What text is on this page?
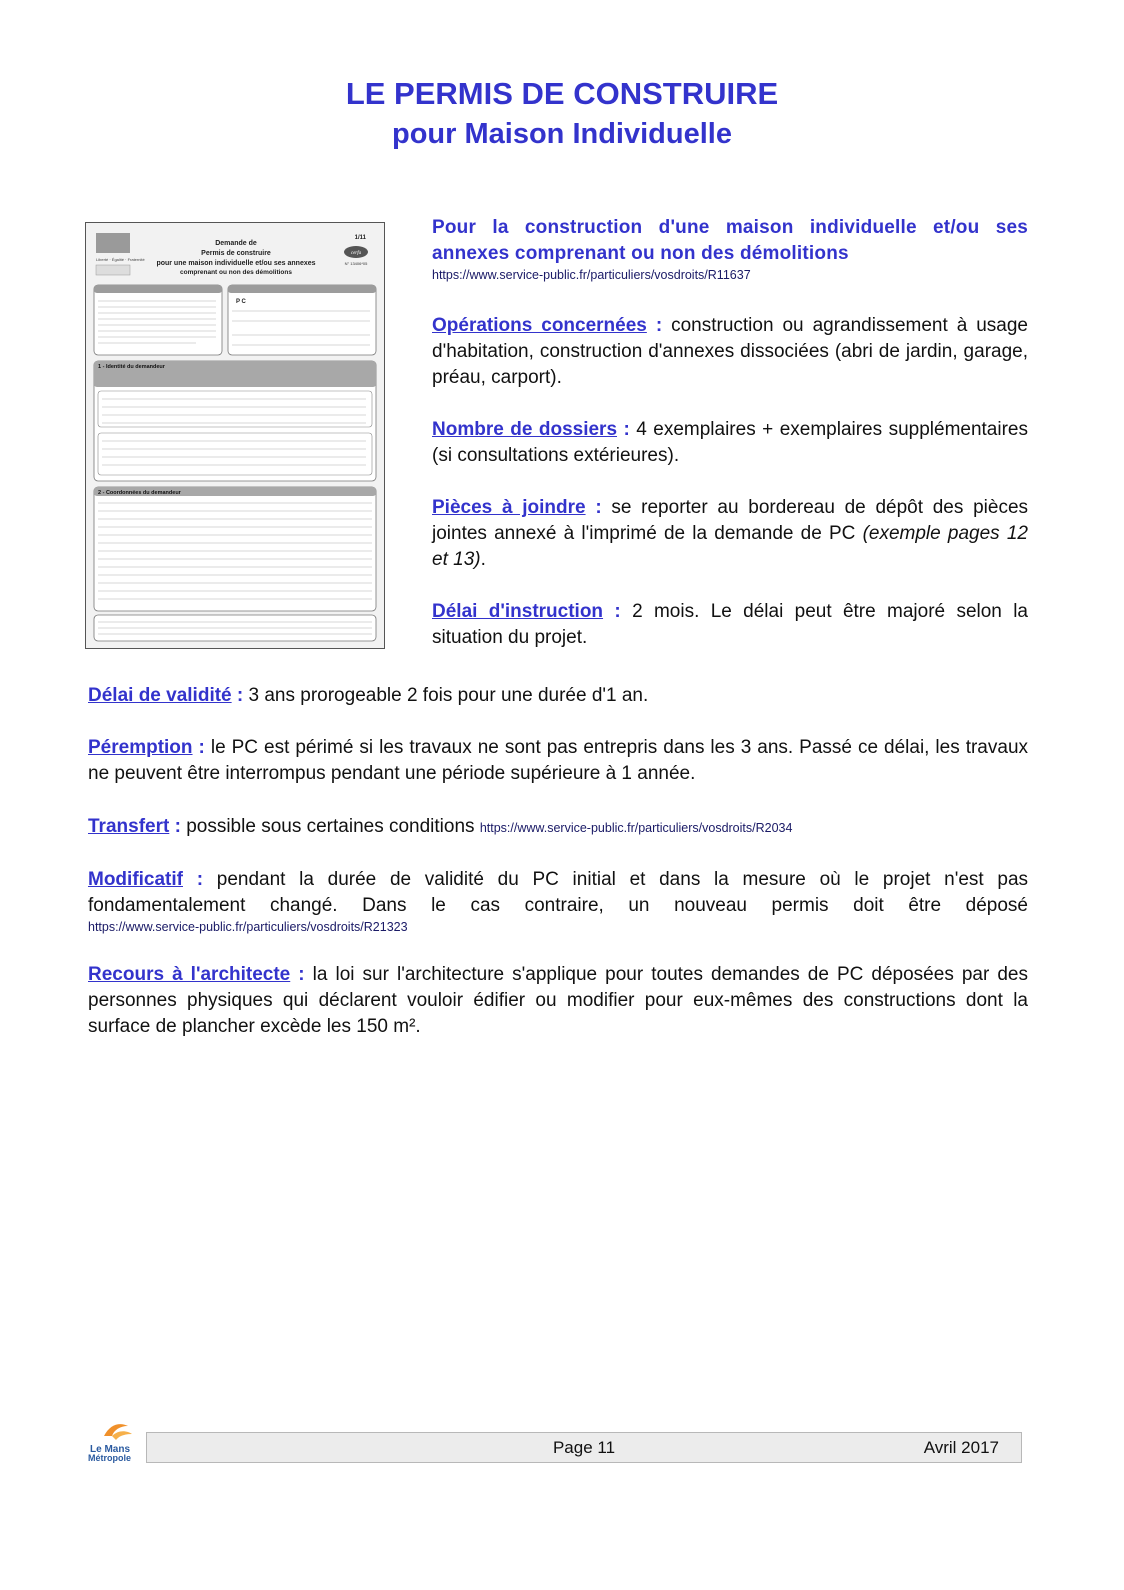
LE PERMIS DE CONSTRUIRE
pour Maison Individuelle
Liberté · Égalité · Fraternité
1/11
Demande de
Permis de construire
pour une maison individuelle et/ou ses annexes
comprenant ou non des démolitions
cerfa
N° 13406*05
P C
1 - Identité du demandeur
2 - Coordonnées du demandeur

Pour la construction d'une maison individuelle et/ou ses annexes comprenant ou non des démolitions

https://www.service-public.fr/particuliers/vosdroits/R11637

Opérations concernées : construction ou agrandissement à usage d'habitation, construction d'annexes dissociées (abri de jardin, garage, préau, carport).

Nombre de dossiers : 4 exemplaires + exemplaires supplémentaires (si consultations extérieures).

Pièces à joindre : se reporter au bordereau de dépôt des pièces jointes annexé à l'imprimé de la demande de PC (exemple pages 12 et 13).

Délai d'instruction : 2 mois. Le délai peut être majoré selon la situation du projet.

Délai de validité : 3 ans prorogeable 2 fois pour une durée d'1 an.

Péremption : le PC est périmé si les travaux ne sont pas entrepris dans les 3 ans. Passé ce délai, les travaux ne peuvent être interrompus pendant une période supérieure à 1 année.

Transfert : possible sous certaines conditions https://www.service-public.fr/particuliers/vosdroits/R2034

Modificatif : pendant la durée de validité du PC initial et dans la mesure où le projet n'est pas fondamentalement changé. Dans le cas contraire, un nouveau permis doit être déposé

https://www.service-public.fr/particuliers/vosdroits/R21323

Recours à l'architecte : la loi sur l'architecture s'applique pour toutes demandes de PC déposées par des personnes physiques qui déclarent vouloir édifier ou modifier pour eux-mêmes des constructions dont la surface de plancher excède les 150 m².

Le Mans
Métropole
Page 11	Avril 2017
